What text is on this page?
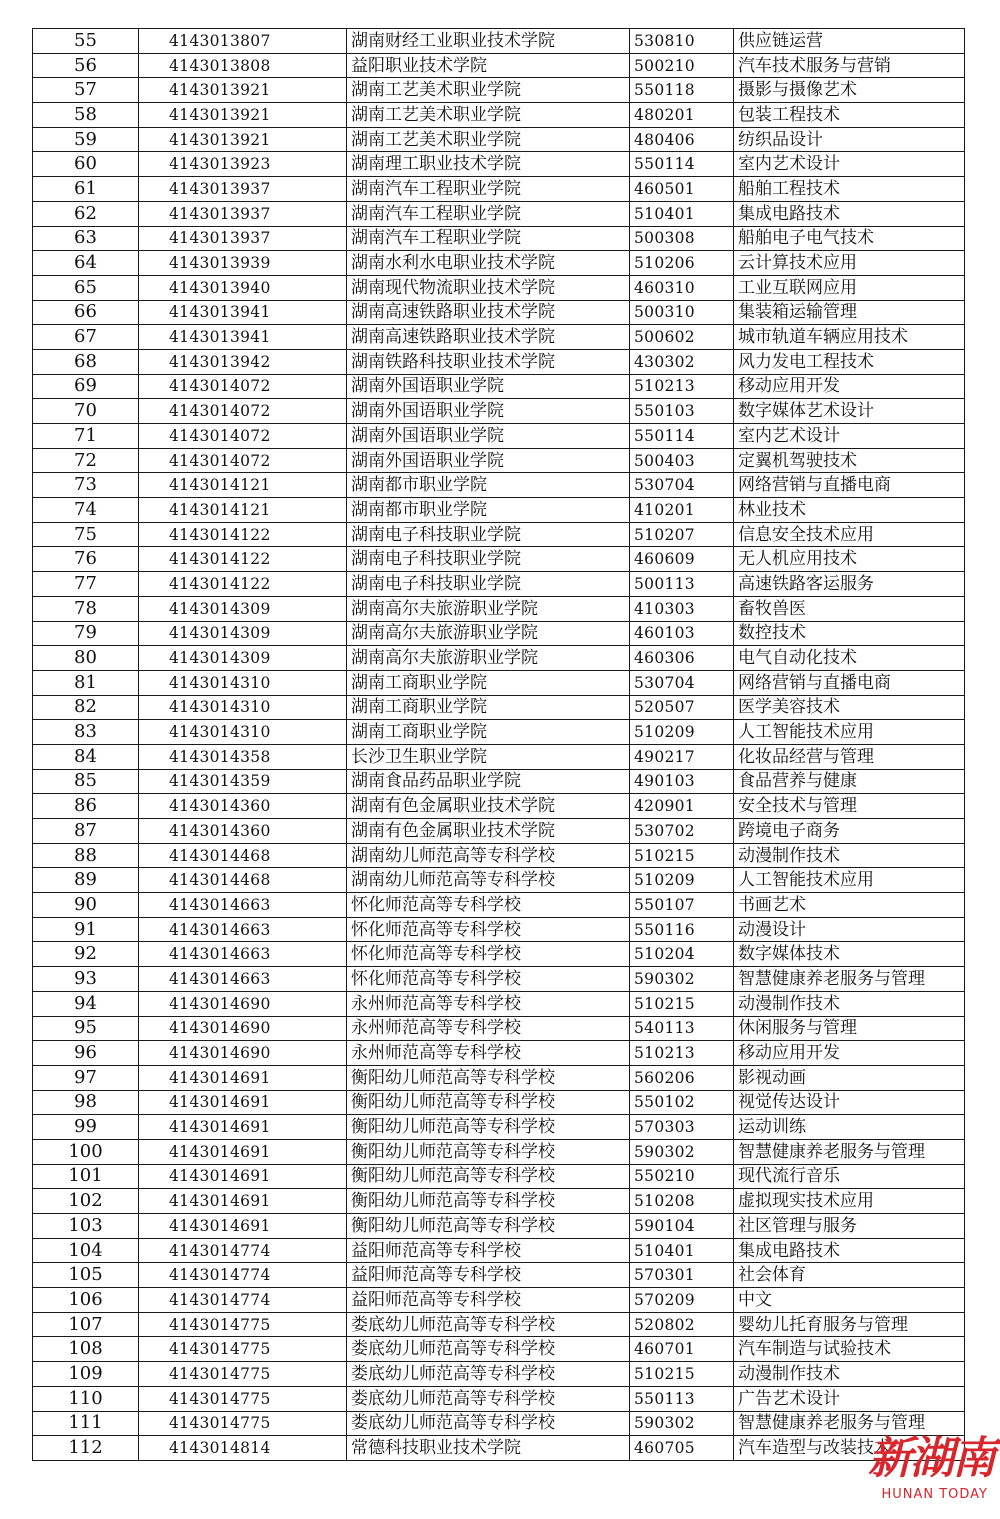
55	4143013807	湖南财经工业职业技术学院	530810	供应链运营
56	4143013808	益阳职业技术学院	500210	汽车技术服务与营销
57	4143013921	湖南工艺美术职业学院	550118	摄影与摄像艺术
58	4143013921	湖南工艺美术职业学院	480201	包装工程技术
59	4143013921	湖南工艺美术职业学院	480406	纺织品设计
60	4143013923	湖南理工职业技术学院	550114	室内艺术设计
61	4143013937	湖南汽车工程职业学院	460501	船舶工程技术
62	4143013937	湖南汽车工程职业学院	510401	集成电路技术
63	4143013937	湖南汽车工程职业学院	500308	船舶电子电气技术
64	4143013939	湖南水利水电职业技术学院	510206	云计算技术应用
65	4143013940	湖南现代物流职业技术学院	460310	工业互联网应用
66	4143013941	湖南高速铁路职业技术学院	500310	集装箱运输管理
67	4143013941	湖南高速铁路职业技术学院	500602	城市轨道车辆应用技术
68	4143013942	湖南铁路科技职业技术学院	430302	风力发电工程技术
69	4143014072	湖南外国语职业学院	510213	移动应用开发
70	4143014072	湖南外国语职业学院	550103	数字媒体艺术设计
71	4143014072	湖南外国语职业学院	550114	室内艺术设计
72	4143014072	湖南外国语职业学院	500403	定翼机驾驶技术
73	4143014121	湖南都市职业学院	530704	网络营销与直播电商
74	4143014121	湖南都市职业学院	410201	林业技术
75	4143014122	湖南电子科技职业学院	510207	信息安全技术应用
76	4143014122	湖南电子科技职业学院	460609	无人机应用技术
77	4143014122	湖南电子科技职业学院	500113	高速铁路客运服务
78	4143014309	湖南高尔夫旅游职业学院	410303	畜牧兽医
79	4143014309	湖南高尔夫旅游职业学院	460103	数控技术
80	4143014309	湖南高尔夫旅游职业学院	460306	电气自动化技术
81	4143014310	湖南工商职业学院	530704	网络营销与直播电商
82	4143014310	湖南工商职业学院	520507	医学美容技术
83	4143014310	湖南工商职业学院	510209	人工智能技术应用
84	4143014358	长沙卫生职业学院	490217	化妆品经营与管理
85	4143014359	湖南食品药品职业学院	490103	食品营养与健康
86	4143014360	湖南有色金属职业技术学院	420901	安全技术与管理
87	4143014360	湖南有色金属职业技术学院	530702	跨境电子商务
88	4143014468	湖南幼儿师范高等专科学校	510215	动漫制作技术
89	4143014468	湖南幼儿师范高等专科学校	510209	人工智能技术应用
90	4143014663	怀化师范高等专科学校	550107	书画艺术
91	4143014663	怀化师范高等专科学校	550116	动漫设计
92	4143014663	怀化师范高等专科学校	510204	数字媒体技术
93	4143014663	怀化师范高等专科学校	590302	智慧健康养老服务与管理
94	4143014690	永州师范高等专科学校	510215	动漫制作技术
95	4143014690	永州师范高等专科学校	540113	休闲服务与管理
96	4143014690	永州师范高等专科学校	510213	移动应用开发
97	4143014691	衡阳幼儿师范高等专科学校	560206	影视动画
98	4143014691	衡阳幼儿师范高等专科学校	550102	视觉传达设计
99	4143014691	衡阳幼儿师范高等专科学校	570303	运动训练
100	4143014691	衡阳幼儿师范高等专科学校	590302	智慧健康养老服务与管理
101	4143014691	衡阳幼儿师范高等专科学校	550210	现代流行音乐
102	4143014691	衡阳幼儿师范高等专科学校	510208	虚拟现实技术应用
103	4143014691	衡阳幼儿师范高等专科学校	590104	社区管理与服务
104	4143014774	益阳师范高等专科学校	510401	集成电路技术
105	4143014774	益阳师范高等专科学校	570301	社会体育
106	4143014774	益阳师范高等专科学校	570209	中文
107	4143014775	娄底幼儿师范高等专科学校	520802	婴幼儿托育服务与管理
108	4143014775	娄底幼儿师范高等专科学校	460701	汽车制造与试验技术
109	4143014775	娄底幼儿师范高等专科学校	510215	动漫制作技术
110	4143014775	娄底幼儿师范高等专科学校	550113	广告艺术设计
111	4143014775	娄底幼儿师范高等专科学校	590302	智慧健康养老服务与管理
112	4143014814	常德科技职业技术学院	460705	汽车造型与改装技术
新湖南
HUNAN TODAY
